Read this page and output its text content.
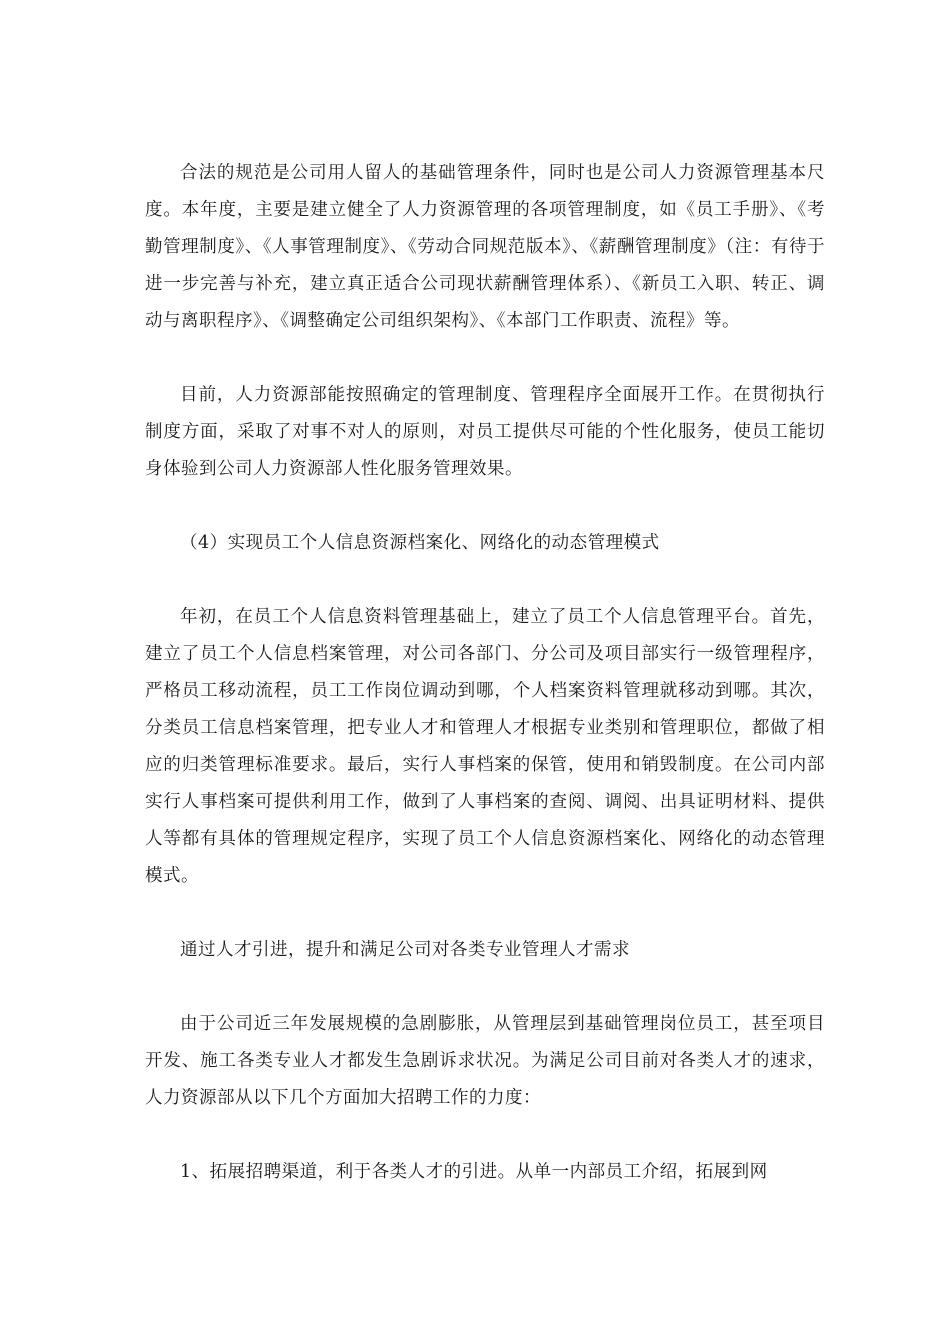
合法的规范是公司用人留人的基础管理条件，同时也是公司人力资源管理基本尺度。本年度，主要是建立健全了人力资源管理的各项管理制度，如《员工手册》、《考勤管理制度》、《人事管理制度》、《劳动合同规范版本》、《薪酬管理制度》（注：有待于进一步完善与补充，建立真正适合公司现状薪酬管理体系）、《新员工入职、转正、调动与离职程序》、《调整确定公司组织架构》、《本部门工作职责、流程》等。

目前，人力资源部能按照确定的管理制度、管理程序全面展开工作。在贯彻执行制度方面，采取了对事不对人的原则，对员工提供尽可能的个性化服务，使员工能切身体验到公司人力资源部人性化服务管理效果。

（4）实现员工个人信息资源档案化、网络化的动态管理模式

年初，在员工个人信息资料管理基础上，建立了员工个人信息管理平台。首先，建立了员工个人信息档案管理，对公司各部门、分公司及项目部实行一级管理程序，严格员工移动流程，员工工作岗位调动到哪，个人档案资料管理就移动到哪。其次，分类员工信息档案管理，把专业人才和管理人才根据专业类别和管理职位，都做了相应的归类管理标准要求。最后，实行人事档案的保管，使用和销毁制度。在公司内部实行人事档案可提供利用工作，做到了人事档案的查阅、调阅、出具证明材料、提供人等都有具体的管理规定程序，实现了员工个人信息资源档案化、网络化的动态管理模式。

通过人才引进，提升和满足公司对各类专业管理人才需求

由于公司近三年发展规模的急剧膨胀，从管理层到基础管理岗位员工，甚至项目开发、施工各类专业人才都发生急剧诉求状况。为满足公司目前对各类人才的速求，人力资源部从以下几个方面加大招聘工作的力度：

1、拓展招聘渠道，利于各类人才的引进。从单一内部员工介绍，拓展到网
